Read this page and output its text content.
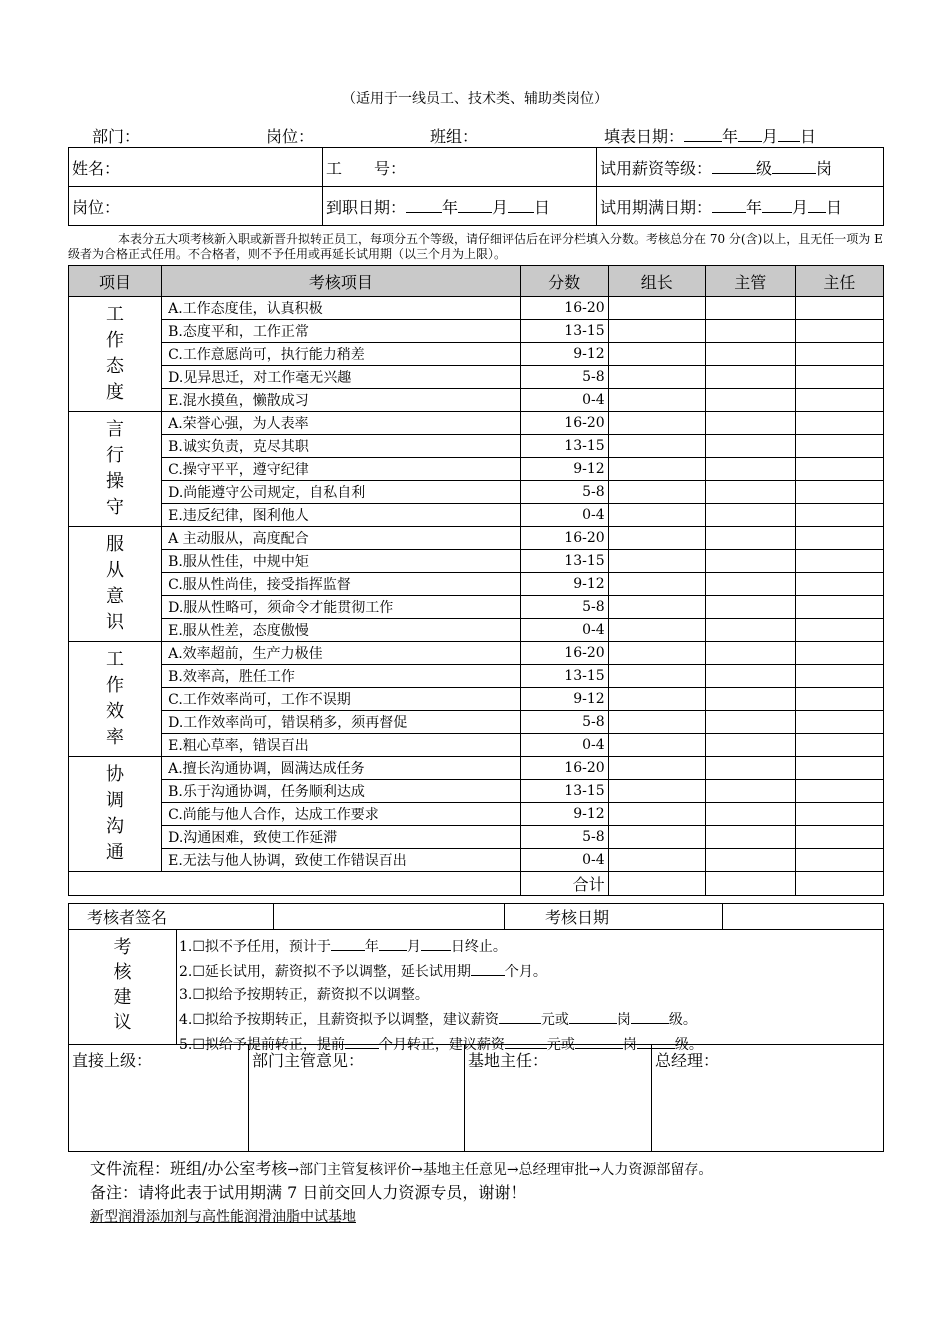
（适用于一线员工、技术类、辅助类岗位）
部门：	岗位：	班组：	填表日期： 年 月 日
姓名：	工　　号：	试用薪资等级： 级 岗
岗位：	到职日期： 年 月 日	试用期满日期： 年 月 日
本表分五大项考核新入职或新晋升拟转正员工，每项分五个等级，请仔细评估后在评分栏填入分数。考核总分在 70 分(含)以上，且无任一项为 E 级者为合格正式任用。不合格者，则不予任用或再延长试用期（以三个月为上限）。
项目	考核项目	分数	组长	主管	主任

工
作
态
度	A.工作态度佳，认真积极	16-20			
	B.态度平和，工作正常	13-15			
	C.工作意愿尚可，执行能力稍差	9-12			
	D.见异思迁，对工作毫无兴趣	5-8			
	E.混水摸鱼，懒散成习	0-4			

言
行
操
守	A.荣誉心强，为人表率	16-20			
	B.诚实负责，克尽其职	13-15			
	C.操守平平，遵守纪律	9-12			
	D.尚能遵守公司规定，自私自利	5-8			
	E.违反纪律，图利他人	0-4			

服
从
意
识	A 主动服从，高度配合	16-20			
	B.服从性佳，中规中矩	13-15			
	C.服从性尚佳，接受指挥监督	9-12			
	D.服从性略可，须命令才能贯彻工作	5-8			
	E.服从性差，态度傲慢	0-4			

工
作
效
率	A.效率超前，生产力极佳	16-20			
	B.效率高，胜任工作	13-15			
	C.工作效率尚可，工作不误期	9-12			
	D.工作效率尚可，错误稍多，须再督促	5-8			
	E.粗心草率，错误百出	0-4			

协
调
沟
通	A.擅长沟通协调，圆满达成任务	16-20			
	B.乐于沟通协调，任务顺利达成	13-15			
	C.尚能与他人合作，达成工作要求	9-12			
	D.沟通困难，致使工作延滞	5-8			
	E.无法与他人协调，致使工作错误百出	0-4			
		合计			
考核者签名		考核日期	
考
核
建
议
1.☐拟不予任用，预计于 年 月 日终止。
2.☐延长试用，薪资拟不予以调整，延长试用期 个月。
3.☐拟给予按期转正，薪资拟不以调整。
4.☐拟给予按期转正，且薪资拟予以调整，建议薪资	元或	岗	级。
5.☐拟给予提前转正，提前 个月转正，建议薪资	元或	岗	级。
直接上级：	部门主管意见：	基地主任：	总经理：
文件流程：班组/办公室考核→部门主管复核评价→基地主任意见→总经理审批→人力资源部留存。
备注：请将此表于试用期满 7 日前交回人力资源专员，谢谢！
新型润滑添加剂与高性能润滑油脂中试基地
